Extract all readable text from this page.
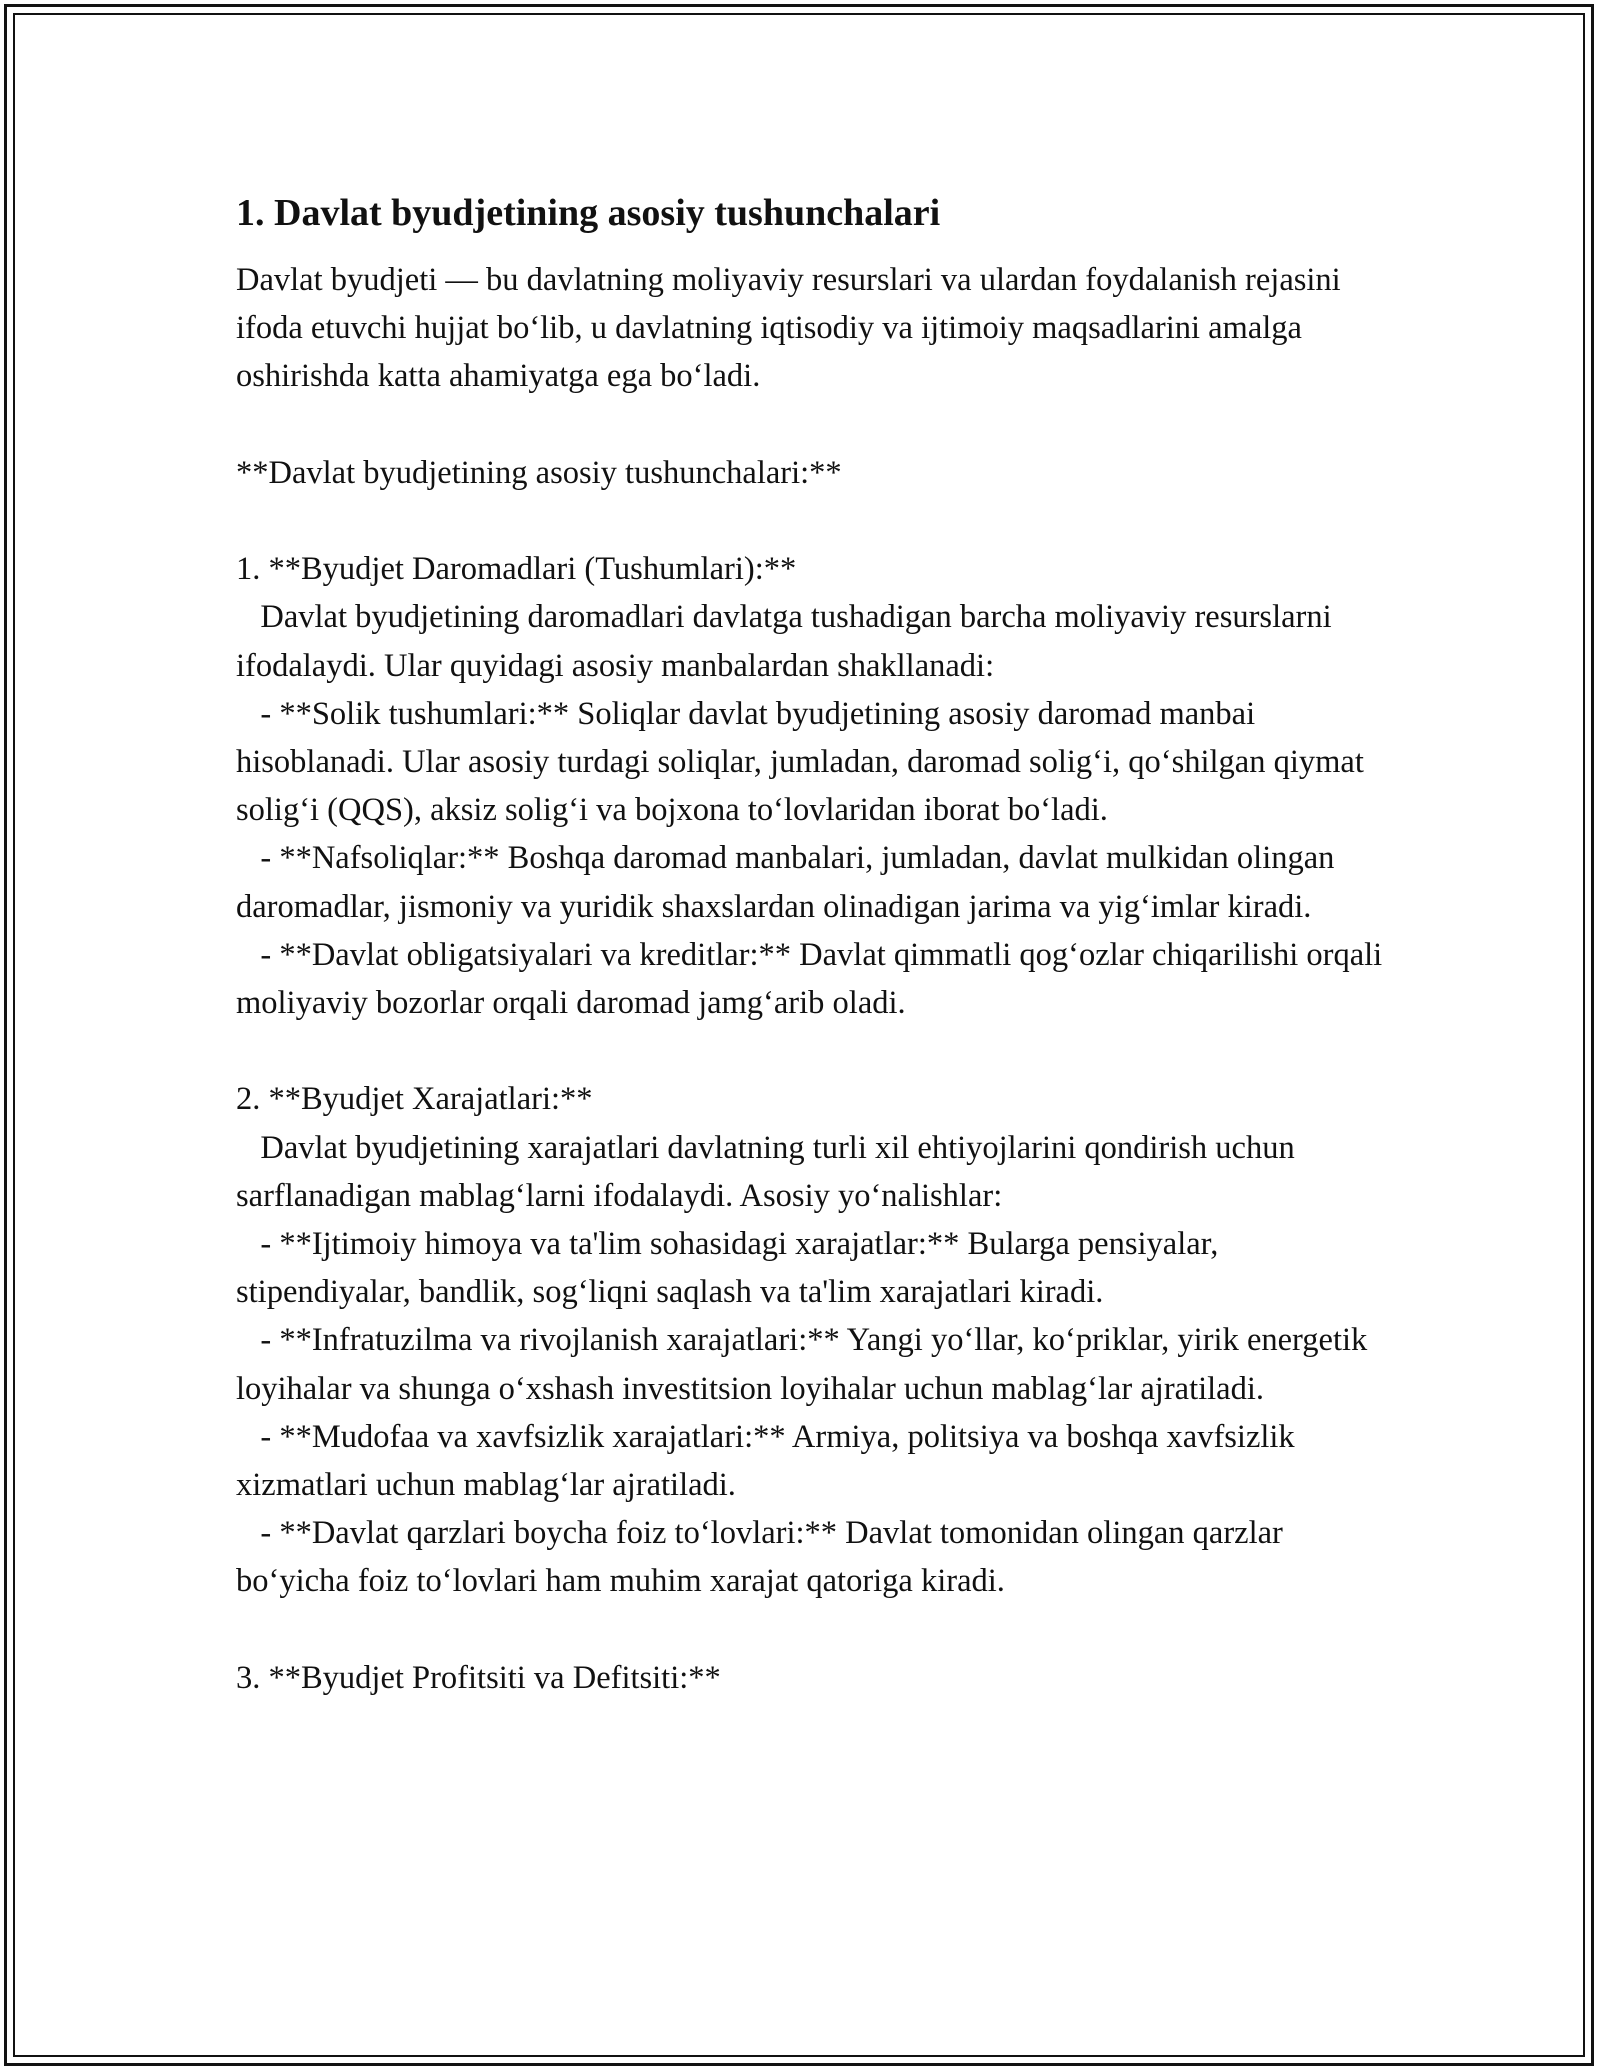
1. Davlat byudjetining asosiy tushunchalari

Davlat byudjeti — bu davlatning moliyaviy resurslari va ulardan foydalanish rejasini ifoda etuvchi hujjat bo‘lib, u davlatning iqtisodiy va ijtimoiy maqsadlarini amalga oshirishda katta ahamiyatga ega bo‘ladi.

**Davlat byudjetining asosiy tushunchalari:**

1. **Byudjet Daromadlari (Tushumlari):**

Davlat byudjetining daromadlari davlatga tushadigan barcha moliyaviy resurslarni ifodalaydi. Ular quyidagi asosiy manbalardan shakllanadi:

- **Solik tushumlari:** Soliqlar davlat byudjetining asosiy daromad manbai hisoblanadi. Ular asosiy turdagi soliqlar, jumladan, daromad solig‘i, qo‘shilgan qiymat solig‘i (QQS), aksiz solig‘i va bojxona to‘lovlaridan iborat bo‘ladi.

- **Nafsoliqlar:** Boshqa daromad manbalari, jumladan, davlat mulkidan olingan daromadlar, jismoniy va yuridik shaxslardan olinadigan jarima va yig‘imlar kiradi.

- **Davlat obligatsiyalari va kreditlar:** Davlat qimmatli qog‘ozlar chiqarilishi orqali moliyaviy bozorlar orqali daromad jamg‘arib oladi.

2. **Byudjet Xarajatlari:**

Davlat byudjetining xarajatlari davlatning turli xil ehtiyojlarini qondirish uchun sarflanadigan mablag‘larni ifodalaydi. Asosiy yo‘nalishlar:

- **Ijtimoiy himoya va ta'lim sohasidagi xarajatlar:** Bularga pensiyalar, stipendiyalar, bandlik, sog‘liqni saqlash va ta'lim xarajatlari kiradi.

- **Infratuzilma va rivojlanish xarajatlari:** Yangi yo‘llar, ko‘priklar, yirik energetik loyihalar va shunga o‘xshash investitsion loyihalar uchun mablag‘lar ajratiladi.

- **Mudofaa va xavfsizlik xarajatlari:** Armiya, politsiya va boshqa xavfsizlik xizmatlari uchun mablag‘lar ajratiladi.

- **Davlat qarzlari boycha foiz to‘lovlari:** Davlat tomonidan olingan qarzlar bo‘yicha foiz to‘lovlari ham muhim xarajat qatoriga kiradi.

3. **Byudjet Profitsiti va Defitsiti:**
